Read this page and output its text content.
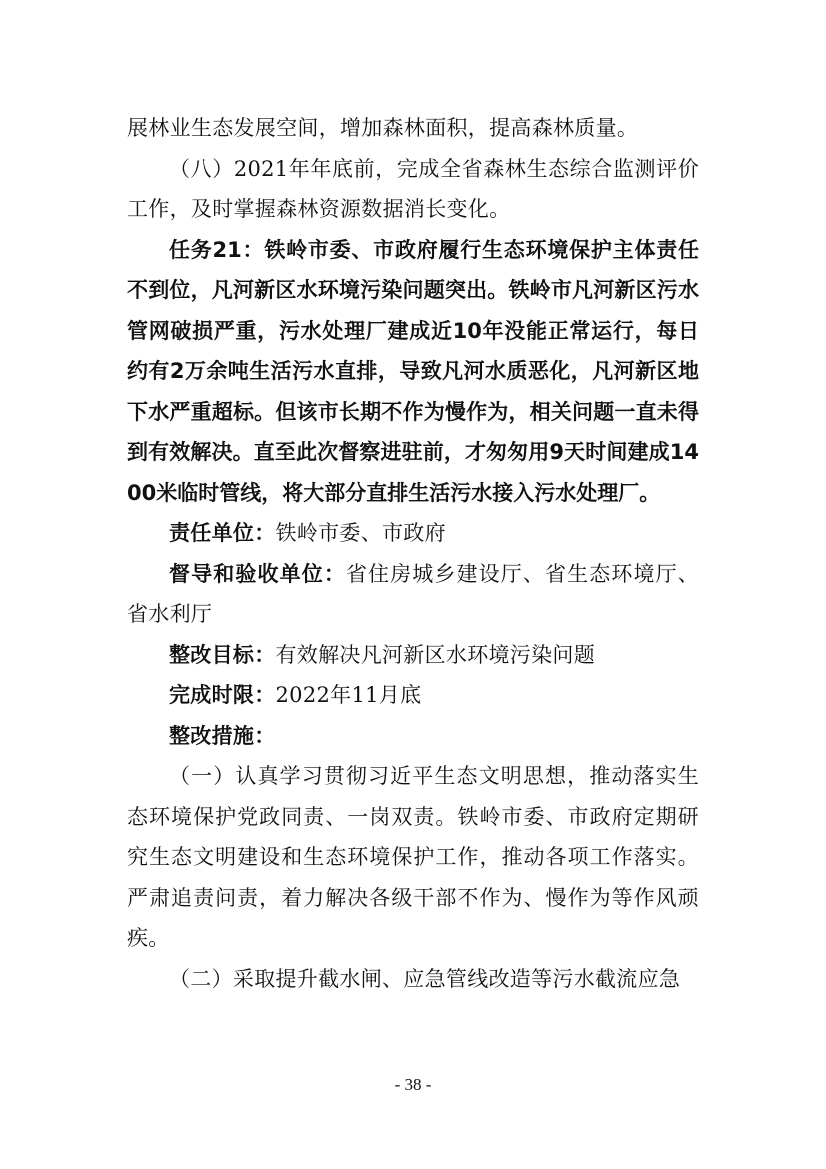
展林业生态发展空间，增加森林面积，提高森林质量。

（八）2021年年底前，完成全省森林生态综合监测评价工作，及时掌握森林资源数据消长变化。

任务21：铁岭市委、市政府履行生态环境保护主体责任不到位，凡河新区水环境污染问题突出。铁岭市凡河新区污水管网破损严重，污水处理厂建成近10年没能正常运行，每日约有2万余吨生活污水直排，导致凡河水质恶化，凡河新区地下水严重超标。但该市长期不作为慢作为，相关问题一直未得到有效解决。直至此次督察进驻前，才匆匆用9天时间建成1400米临时管线，将大部分直排生活污水接入污水处理厂。

责任单位：铁岭市委、市政府

督导和验收单位：省住房城乡建设厅、省生态环境厅、省水利厅

整改目标：有效解决凡河新区水环境污染问题

完成时限：2022年11月底

整改措施：

（一）认真学习贯彻习近平生态文明思想，推动落实生态环境保护党政同责、一岗双责。铁岭市委、市政府定期研究生态文明建设和生态环境保护工作，推动各项工作落实。严肃追责问责，着力解决各级干部不作为、慢作为等作风顽疾。

（二）采取提升截水闸、应急管线改造等污水截流应急

- 38 -
